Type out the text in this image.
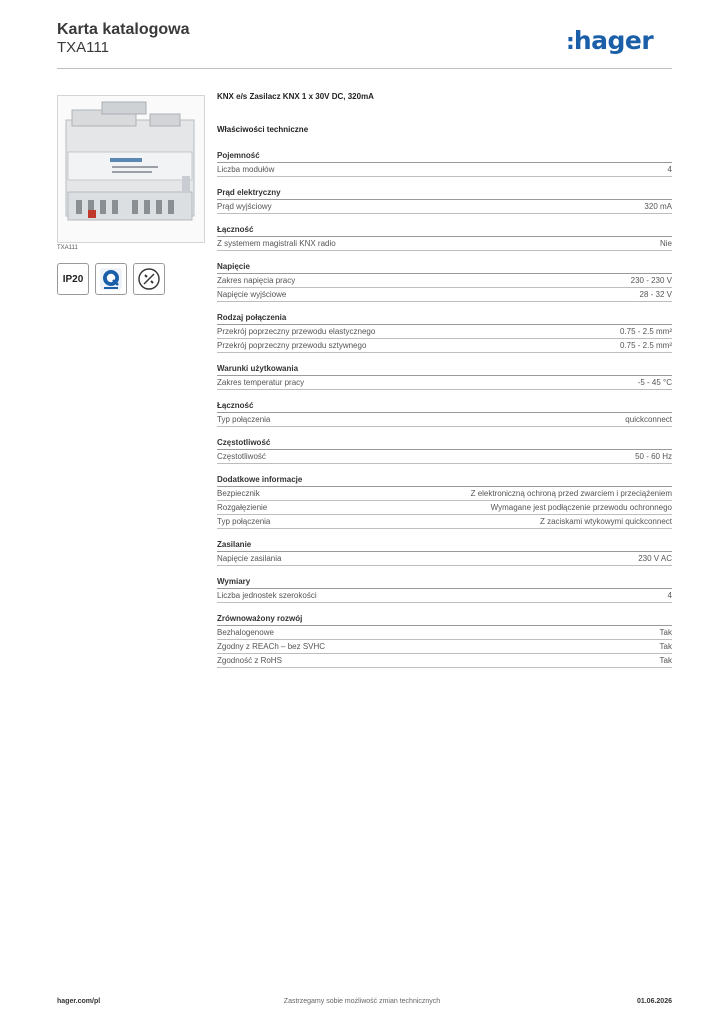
Karta katalogowa
TXA111	:hager
TXA111
IP20
KNX e/s Zasilacz KNX 1 x 30V DC, 320mA
Właściwości techniczne
Pojemność
Liczba modułów	4
Prąd elektryczny
Prąd wyjściowy	320 mA
Łączność
Z systemem magistrali KNX radio	Nie
Napięcie
Zakres napięcia pracy	230 - 230 V
Napięcie wyjściowe	28 - 32 V
Rodzaj połączenia
Przekrój poprzeczny przewodu elastycznego	0.75 - 2.5 mm²
Przekrój poprzeczny przewodu sztywnego	0.75 - 2.5 mm²
Warunki użytkowania
Zakres temperatur pracy	-5 - 45 °C
Łączność
Typ połączenia	quickconnect
Częstotliwość
Częstotliwość	50 - 60 Hz
Dodatkowe informacje
Bezpiecznik	Z elektroniczną ochroną przed zwarciem i przeciążeniem
Rozgałęzienie	Wymagane jest podłączenie przewodu ochronnego
Typ połączenia	Z zaciskami wtykowymi quickconnect
Zasilanie
Napięcie zasilania	230 V AC
Wymiary
Liczba jednostek szerokości	4
Zrównoważony rozwój
Bezhalogenowe	Tak
Zgodny z REACh – bez SVHC	Tak
Zgodność z RoHS	Tak
hager.com/pl	Zastrzegamy sobie możliwość zmian technicznych	01.06.2026
